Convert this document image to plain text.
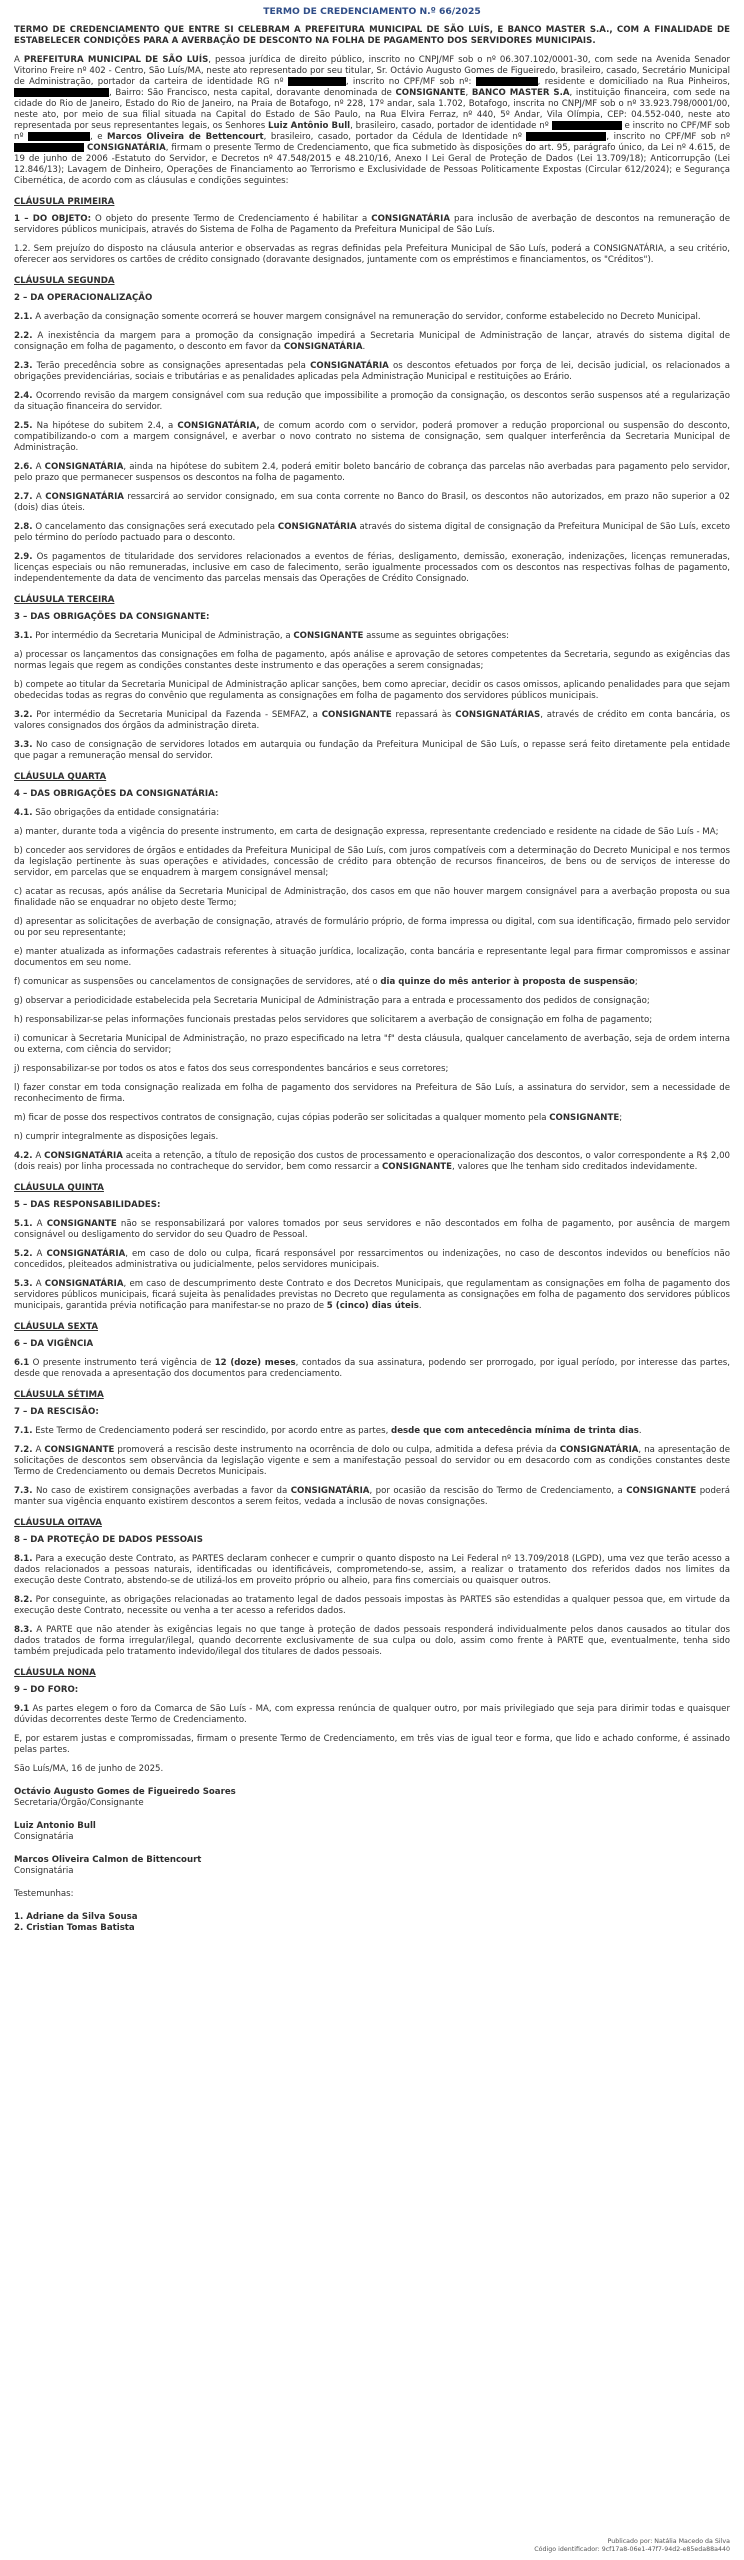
TERMO DE CREDENCIAMENTO N.º 66/2025
TERMO DE CREDENCIAMENTO QUE ENTRE SI CELEBRAM A PREFEITURA MUNICIPAL DE SÃO LUÍS, E BANCO MASTER S.A., COM A FINALIDADE DE ESTABELECER CONDIÇÕES PARA A AVERBAÇÃO DE DESCONTO NA FOLHA DE PAGAMENTO DOS SERVIDORES MUNICIPAIS.

A PREFEITURA MUNICIPAL DE SÃO LUÍS, pessoa jurídica de direito público, inscrito no CNPJ/MF sob o nº 06.307.102/0001-30, com sede na Avenida Senador Vitorino Freire nº 402 - Centro, São Luís/MA, neste ato representado por seu titular, Sr. Octávio Augusto Gomes de Figueiredo, brasileiro, casado, Secretário Municipal de Administração, portador da carteira de identidade RG nº	, inscrito no CPF/MF sob nº:	, residente e domiciliado na Rua Pinheiros, , Bairro: São Francisco, nesta capital, doravante denominada de CONSIGNANTE, BANCO MASTER S.A, instituição financeira, com sede na cidade do Rio de Janeiro, Estado do Rio de Janeiro, na Praia de Botafogo, nº 228, 17º andar, sala 1.702, Botafogo, inscrita no CNPJ/MF sob o nº 33.923.798/0001/00, neste ato, por meio de sua filial situada na Capital do Estado de São Paulo, na Rua Elvira Ferraz, nº 440, 5º Andar, Vila Olímpia, CEP: 04.552-040, neste ato representada por seus representantes legais, os Senhores Luiz Antônio Bull, brasileiro, casado, portador de identidade nº	e inscrito no CPF/MF sob nº	, e Marcos Oliveira de Bettencourt, brasileiro, casado, portador da Cédula de Identidade nº	, inscrito no CPF/MF sob nº  CONSIGNATÁRIA, firmam o presente Termo de Credenciamento, que fica submetido às disposições do art. 95, parágrafo único, da Lei nº 4.615, de 19 de junho de 2006 -Estatuto do Servidor, e Decretos nº 47.548/2015 e 48.210/16, Anexo I Lei Geral de Proteção de Dados (Lei 13.709/18); Anticorrupção (Lei 12.846/13); Lavagem de Dinheiro, Operações de Financiamento ao Terrorismo e Exclusividade de Pessoas Politicamente Expostas (Circular 612/2024); e Segurança Cibernética, de acordo com as cláusulas e condições seguintes:

CLÁUSULA PRIMEIRA

1 – DO OBJETO: O objeto do presente Termo de Credenciamento é habilitar a CONSIGNATÁRIA para inclusão de averbação de descontos na remuneração de servidores públicos municipais, através do Sistema de Folha de Pagamento da Prefeitura Municipal de São Luís.

1.2. Sem prejuízo do disposto na cláusula anterior e observadas as regras definidas pela Prefeitura Municipal de São Luís, poderá a CONSIGNATÁRIA, a seu critério, oferecer aos servidores os cartões de crédito consignado (doravante designados, juntamente com os empréstimos e financiamentos, os "Créditos").

CLÁUSULA SEGUNDA
2 – DA OPERACIONALIZAÇÃO

2.1. A averbação da consignação somente ocorrerá se houver margem consignável na remuneração do servidor, conforme estabelecido no Decreto Municipal.

2.2. A inexistência da margem para a promoção da consignação impedirá a Secretaria Municipal de Administração de lançar, através do sistema digital de consignação em folha de pagamento, o desconto em favor da CONSIGNATÁRIA.

2.3. Terão precedência sobre as consignações apresentadas pela CONSIGNATÁRIA os descontos efetuados por força de lei, decisão judicial, os relacionados a obrigações previdenciárias, sociais e tributárias e as penalidades aplicadas pela Administração Municipal e restituições ao Erário.

2.4. Ocorrendo revisão da margem consignável com sua redução que impossibilite a promoção da consignação, os descontos serão suspensos até a regularização da situação financeira do servidor.

2.5. Na hipótese do subitem 2.4, a CONSIGNATÁRIA, de comum acordo com o servidor, poderá promover a redução proporcional ou suspensão do desconto, compatibilizando-o com a margem consignável, e averbar o novo contrato no sistema de consignação, sem qualquer interferência da Secretaria Municipal de Administração.

2.6. A CONSIGNATÁRIA, ainda na hipótese do subitem 2.4, poderá emitir boleto bancário de cobrança das parcelas não averbadas para pagamento pelo servidor, pelo prazo que permanecer suspensos os descontos na folha de pagamento.

2.7. A CONSIGNATÁRIA ressarcirá ao servidor consignado, em sua conta corrente no Banco do Brasil, os descontos não autorizados, em prazo não superior a 02 (dois) dias úteis.

2.8. O cancelamento das consignações será executado pela CONSIGNATÁRIA através do sistema digital de consignação da Prefeitura Municipal de São Luís, exceto pelo término do período pactuado para o desconto.

2.9. Os pagamentos de titularidade dos servidores relacionados a eventos de férias, desligamento, demissão, exoneração, indenizações, licenças remuneradas, licenças especiais ou não remuneradas, inclusive em caso de falecimento, serão igualmente processados com os descontos nas respectivas folhas de pagamento, independentemente da data de vencimento das parcelas mensais das Operações de Crédito Consignado.

CLÁUSULA TERCEIRA
3 – DAS OBRIGAÇÕES DA CONSIGNANTE:

3.1. Por intermédio da Secretaria Municipal de Administração, a CONSIGNANTE assume as seguintes obrigações:

a) processar os lançamentos das consignações em folha de pagamento, após análise e aprovação de setores competentes da Secretaria, segundo as exigências das normas legais que regem as condições constantes deste instrumento e das operações a serem consignadas;

b) compete ao titular da Secretaria Municipal de Administração aplicar sanções, bem como apreciar, decidir os casos omissos, aplicando penalidades para que sejam obedecidas todas as regras do convênio que regulamenta as consignações em folha de pagamento dos servidores públicos municipais.

3.2. Por intermédio da Secretaria Municipal da Fazenda - SEMFAZ, a CONSIGNANTE repassará às CONSIGNATÁRIAS, através de crédito em conta bancária, os valores consignados dos órgãos da administração direta.

3.3. No caso de consignação de servidores lotados em autarquia ou fundação da Prefeitura Municipal de São Luís, o repasse será feito diretamente pela entidade que pagar a remuneração mensal do servidor.

CLÁUSULA QUARTA
4 – DAS OBRIGAÇÕES DA CONSIGNATÁRIA:

4.1. São obrigações da entidade consignatária:

a) manter, durante toda a vigência do presente instrumento, em carta de designação expressa, representante credenciado e residente na cidade de São Luís - MA;

b) conceder aos servidores de órgãos e entidades da Prefeitura Municipal de São Luís, com juros compatíveis com a determinação do Decreto Municipal e nos termos da legislação pertinente às suas operações e atividades, concessão de crédito para obtenção de recursos financeiros, de bens ou de serviços de interesse do servidor, em parcelas que se enquadrem à margem consignável mensal;

c) acatar as recusas, após análise da Secretaria Municipal de Administração, dos casos em que não houver margem consignável para a averbação proposta ou sua finalidade não se enquadrar no objeto deste Termo;

d) apresentar as solicitações de averbação de consignação, através de formulário próprio, de forma impressa ou digital, com sua identificação, firmado pelo servidor ou por seu representante;

e) manter atualizada as informações cadastrais referentes à situação jurídica, localização, conta bancária e representante legal para firmar compromissos e assinar documentos em seu nome.

f) comunicar as suspensões ou cancelamentos de consignações de servidores, até o dia quinze do mês anterior à proposta de suspensão;

g) observar a periodicidade estabelecida pela Secretaria Municipal de Administração para a entrada e processamento dos pedidos de consignação;

h) responsabilizar-se pelas informações funcionais prestadas pelos servidores que solicitarem a averbação de consignação em folha de pagamento;

i) comunicar à Secretaria Municipal de Administração, no prazo especificado na letra "f" desta cláusula, qualquer cancelamento de averbação, seja de ordem interna ou externa, com ciência do servidor;

j) responsabilizar-se por todos os atos e fatos dos seus correspondentes bancários e seus corretores;

l) fazer constar em toda consignação realizada em folha de pagamento dos servidores na Prefeitura de São Luís, a assinatura do servidor, sem a necessidade de reconhecimento de firma.

m) ficar de posse dos respectivos contratos de consignação, cujas cópias poderão ser solicitadas a qualquer momento pela CONSIGNANTE;

n) cumprir integralmente as disposições legais.

4.2. A CONSIGNATÁRIA aceita a retenção, a título de reposição dos custos de processamento e operacionalização dos descontos, o valor correspondente a R$ 2,00 (dois reais) por linha processada no contracheque do servidor, bem como ressarcir a CONSIGNANTE, valores que lhe tenham sido creditados indevidamente.

CLÁUSULA QUINTA
5 – DAS RESPONSABILIDADES:

5.1. A CONSIGNANTE não se responsabilizará por valores tomados por seus servidores e não descontados em folha de pagamento, por ausência de margem consignável ou desligamento do servidor do seu Quadro de Pessoal.

5.2. A CONSIGNATÁRIA, em caso de dolo ou culpa, ficará responsável por ressarcimentos ou indenizações, no caso de descontos indevidos ou benefícios não concedidos, pleiteados administrativa ou judicialmente, pelos servidores municipais.

5.3. A CONSIGNATÁRIA, em caso de descumprimento deste Contrato e dos Decretos Municipais, que regulamentam as consignações em folha de pagamento dos servidores públicos municipais, ficará sujeita às penalidades previstas no Decreto que regulamenta as consignações em folha de pagamento dos servidores públicos municipais, garantida prévia notificação para manifestar-se no prazo de 5 (cinco) dias úteis.

CLÁUSULA SEXTA
6 – DA VIGÊNCIA

6.1 O presente instrumento terá vigência de 12 (doze) meses, contados da sua assinatura, podendo ser prorrogado, por igual período, por interesse das partes, desde que renovada a apresentação dos documentos para credenciamento.

CLÁUSULA SÉTIMA
7 – DA RESCISÃO:

7.1. Este Termo de Credenciamento poderá ser rescindido, por acordo entre as partes, desde que com antecedência mínima de trinta dias.

7.2. A CONSIGNANTE promoverá a rescisão deste instrumento na ocorrência de dolo ou culpa, admitida a defesa prévia da CONSIGNATÁRIA, na apresentação de solicitações de descontos sem observância da legislação vigente e sem a manifestação pessoal do servidor ou em desacordo com as condições constantes deste Termo de Credenciamento ou demais Decretos Municipais.

7.3. No caso de existirem consignações averbadas a favor da CONSIGNATÁRIA, por ocasião da rescisão do Termo de Credenciamento, a CONSIGNANTE poderá manter sua vigência enquanto existirem descontos a serem feitos, vedada a inclusão de novas consignações.

CLÁUSULA OITAVA
8 – DA PROTEÇÃO DE DADOS PESSOAIS

8.1. Para a execução deste Contrato, as PARTES declaram conhecer e cumprir o quanto disposto na Lei Federal nº 13.709/2018 (LGPD), uma vez que terão acesso a dados relacionados a pessoas naturais, identificadas ou identificáveis, comprometendo-se, assim, a realizar o tratamento dos referidos dados nos limites da execução deste Contrato, abstendo-se de utilizá-los em proveito próprio ou alheio, para fins comerciais ou quaisquer outros.

8.2. Por conseguinte, as obrigações relacionadas ao tratamento legal de dados pessoais impostas às PARTES são estendidas a qualquer pessoa que, em virtude da execução deste Contrato, necessite ou venha a ter acesso a referidos dados.

8.3. A PARTE que não atender às exigências legais no que tange à proteção de dados pessoais responderá individualmente pelos danos causados ao titular dos dados tratados de forma irregular/ilegal, quando decorrente exclusivamente de sua culpa ou dolo, assim como frente à PARTE que, eventualmente, tenha sido também prejudicada pelo tratamento indevido/ilegal dos titulares de dados pessoais.

CLÁUSULA NONA
9 – DO FORO:

9.1 As partes elegem o foro da Comarca de São Luís - MA, com expressa renúncia de qualquer outro, por mais privilegiado que seja para dirimir todas e quaisquer dúvidas decorrentes deste Termo de Credenciamento.

E, por estarem justas e compromissadas, firmam o presente Termo de Credenciamento, em três vias de igual teor e forma, que lido e achado conforme, é assinado pelas partes.

São Luís/MA, 16 de junho de 2025.

Octávio Augusto Gomes de Figueiredo Soares

Secretaria/Órgão/Consignante

Luiz Antonio Bull

Consignatária

Marcos Oliveira Calmon de Bittencourt

Consignatária

Testemunhas:

1. Adriane da Silva Sousa

2. Cristian Tomas Batista

Publicado por: Natália Macedo da Silva
Código identificador: 9cf17a8-06e1-47f7-94d2-e85eda88a440
